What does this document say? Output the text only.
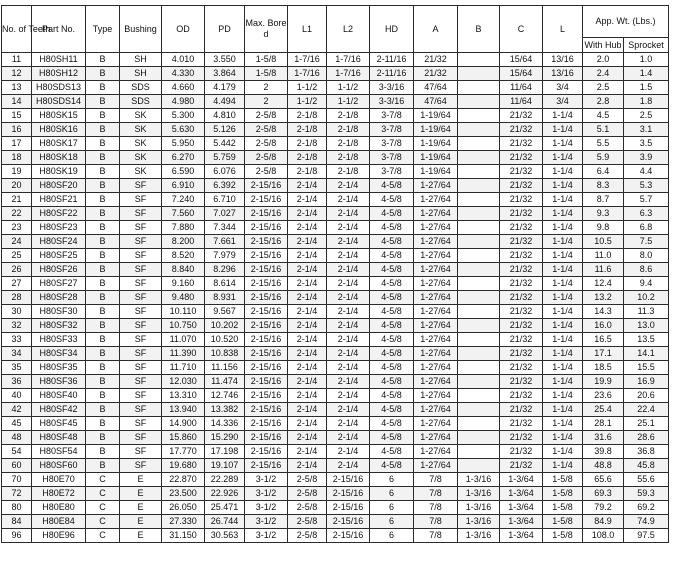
No. of Teeth	Part No.	Type	Bushing	OD	PD	Max. Bore d	L1	L2	HD	A	B	C	L	App. Wt. (Lbs.)	
														With Hub	Sprocket
11	H80SH11	B	SH	4.010	3.550	1-5/8	1-7/16	1-7/16	2-11/16	21/32		15/64	13/16	2.0	1.0
12	H80SH12	B	SH	4.330	3.864	1-5/8	1-7/16	1-7/16	2-11/16	21/32		15/64	13/16	2.4	1.4
13	H80SDS13	B	SDS	4.660	4.179	2	1-1/2	1-1/2	3-3/16	47/64		11/64	3/4	2.5	1.5
14	H80SDS14	B	SDS	4.980	4.494	2	1-1/2	1-1/2	3-3/16	47/64		11/64	3/4	2.8	1.8
15	H80SK15	B	SK	5.300	4.810	2-5/8	2-1/8	2-1/8	3-7/8	1-19/64		21/32	1-1/4	4.5	2.5
16	H80SK16	B	SK	5.630	5.126	2-5/8	2-1/8	2-1/8	3-7/8	1-19/64		21/32	1-1/4	5.1	3.1
17	H80SK17	B	SK	5.950	5.442	2-5/8	2-1/8	2-1/8	3-7/8	1-19/64		21/32	1-1/4	5.5	3.5
18	H80SK18	B	SK	6.270	5.759	2-5/8	2-1/8	2-1/8	3-7/8	1-19/64		21/32	1-1/4	5.9	3.9
19	H80SK19	B	SK	6.590	6.076	2-5/8	2-1/8	2-1/8	3-7/8	1-19/64		21/32	1-1/4	6.4	4.4
20	H80SF20	B	SF	6.910	6.392	2-15/16	2-1/4	2-1/4	4-5/8	1-27/64		21/32	1-1/4	8.3	5.3
21	H80SF21	B	SF	7.240	6.710	2-15/16	2-1/4	2-1/4	4-5/8	1-27/64		21/32	1-1/4	8.7	5.7
22	H80SF22	B	SF	7.560	7.027	2-15/16	2-1/4	2-1/4	4-5/8	1-27/64		21/32	1-1/4	9.3	6.3
23	H80SF23	B	SF	7.880	7.344	2-15/16	2-1/4	2-1/4	4-5/8	1-27/64		21/32	1-1/4	9.8	6.8
24	H80SF24	B	SF	8.200	7.661	2-15/16	2-1/4	2-1/4	4-5/8	1-27/64		21/32	1-1/4	10.5	7.5
25	H80SF25	B	SF	8.520	7.979	2-15/16	2-1/4	2-1/4	4-5/8	1-27/64		21/32	1-1/4	11.0	8.0
26	H80SF26	B	SF	8.840	8.296	2-15/16	2-1/4	2-1/4	4-5/8	1-27/64		21/32	1-1/4	11.6	8.6
27	H80SF27	B	SF	9.160	8.614	2-15/16	2-1/4	2-1/4	4-5/8	1-27/64		21/32	1-1/4	12.4	9.4
28	H80SF28	B	SF	9.480	8.931	2-15/16	2-1/4	2-1/4	4-5/8	1-27/64		21/32	1-1/4	13.2	10.2
30	H80SF30	B	SF	10.110	9.567	2-15/16	2-1/4	2-1/4	4-5/8	1-27/64		21/32	1-1/4	14.3	11.3
32	H80SF32	B	SF	10.750	10.202	2-15/16	2-1/4	2-1/4	4-5/8	1-27/64		21/32	1-1/4	16.0	13.0
33	H80SF33	B	SF	11.070	10.520	2-15/16	2-1/4	2-1/4	4-5/8	1-27/64		21/32	1-1/4	16.5	13.5
34	H80SF34	B	SF	11.390	10.838	2-15/16	2-1/4	2-1/4	4-5/8	1-27/64		21/32	1-1/4	17.1	14.1
35	H80SF35	B	SF	11.710	11.156	2-15/16	2-1/4	2-1/4	4-5/8	1-27/64		21/32	1-1/4	18.5	15.5
36	H80SF36	B	SF	12.030	11.474	2-15/16	2-1/4	2-1/4	4-5/8	1-27/64		21/32	1-1/4	19.9	16.9
40	H80SF40	B	SF	13.310	12.746	2-15/16	2-1/4	2-1/4	4-5/8	1-27/64		21/32	1-1/4	23.6	20.6
42	H80SF42	B	SF	13.940	13.382	2-15/16	2-1/4	2-1/4	4-5/8	1-27/64		21/32	1-1/4	25.4	22.4
45	H80SF45	B	SF	14.900	14.336	2-15/16	2-1/4	2-1/4	4-5/8	1-27/64		21/32	1-1/4	28.1	25.1
48	H80SF48	B	SF	15.860	15.290	2-15/16	2-1/4	2-1/4	4-5/8	1-27/64		21/32	1-1/4	31.6	28.6
54	H80SF54	B	SF	17.770	17.198	2-15/16	2-1/4	2-1/4	4-5/8	1-27/64		21/32	1-1/4	39.8	36.8
60	H80SF60	B	SF	19.680	19.107	2-15/16	2-1/4	2-1/4	4-5/8	1-27/64		21/32	1-1/4	48.8	45.8
70	H80E70	C	E	22.870	22.289	3-1/2	2-5/8	2-15/16	6	7/8	1-3/16	1-3/64	1-5/8	65.6	55.6
72	H80E72	C	E	23.500	22.926	3-1/2	2-5/8	2-15/16	6	7/8	1-3/16	1-3/64	1-5/8	69.3	59.3
80	H80E80	C	E	26.050	25.471	3-1/2	2-5/8	2-15/16	6	7/8	1-3/16	1-3/64	1-5/8	79.2	69.2
84	H80E84	C	E	27.330	26.744	3-1/2	2-5/8	2-15/16	6	7/8	1-3/16	1-3/64	1-5/8	84.9	74.9
96	H80E96	C	E	31.150	30.563	3-1/2	2-5/8	2-15/16	6	7/8	1-3/16	1-3/64	1-5/8	108.0	97.5
